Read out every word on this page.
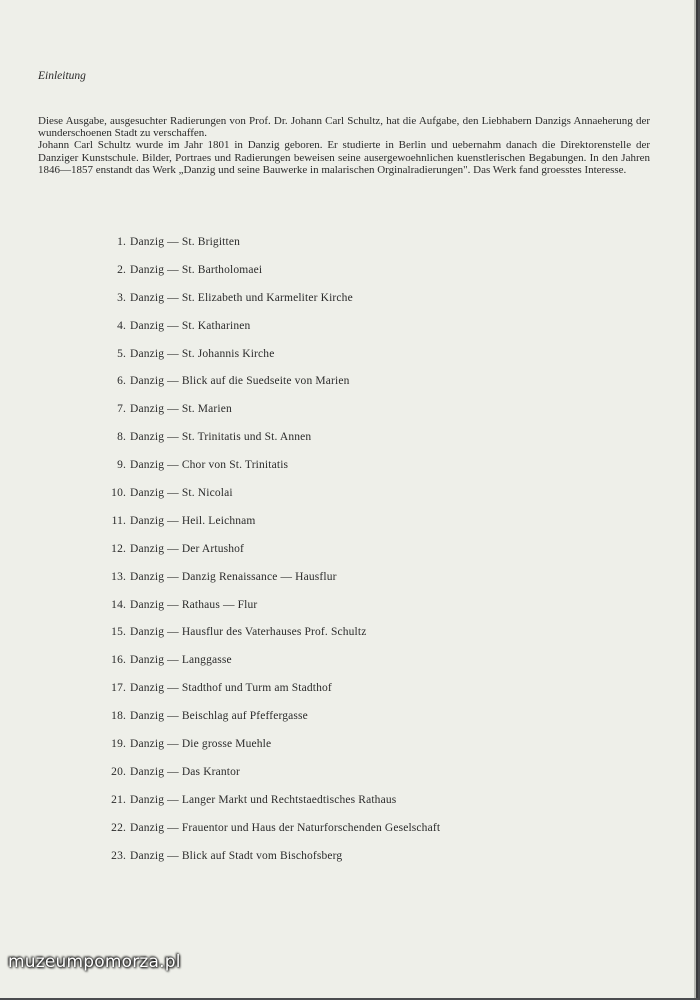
Einleitung

Diese Ausgabe, ausgesuchter Radierungen von Prof. Dr. Johann Carl Schultz, hat die Aufgabe, den Liebhabern Danzigs Annaeherung der wunderschoenen Stadt zu verschaffen.

Johann Carl Schultz wurde im Jahr 1801 in Danzig geboren. Er studierte in Berlin und uebernahm danach die Direktorenstelle der Danziger Kunstschule. Bilder, Portraes und Radierungen beweisen seine ausergewoehnlichen kuenstlerischen Begabungen. In den Jahren 1846—1857 enstandt das Werk „Danzig und seine Bauwerke in malarischen Orginalradierungen". Das Werk fand groesstes Interesse.

1. Danzig — St. Brigitten
2. Danzig — St. Bartholomaei
3. Danzig — St. Elizabeth und Karmeliter Kirche
4. Danzig — St. Katharinen
5. Danzig — St. Johannis Kirche
6. Danzig — Blick auf die Suedseite von Marien
7. Danzig — St. Marien
8. Danzig — St. Trinitatis und St. Annen
9. Danzig — Chor von St. Trinitatis
10. Danzig — St. Nicolai
11. Danzig — Heil. Leichnam
12. Danzig — Der Artushof
13. Danzig — Danzig Renaissance — Hausflur
14. Danzig — Rathaus — Flur
15. Danzig — Hausflur des Vaterhauses Prof. Schultz
16. Danzig — Langgasse
17. Danzig — Stadthof und Turm am Stadthof
18. Danzig — Beischlag auf Pfeffergasse
19. Danzig — Die grosse Muehle
20. Danzig — Das Krantor
21. Danzig — Langer Markt und Rechtstaedtisches Rathaus
22. Danzig — Frauentor und Haus der Naturforschenden Geselschaft
23. Danzig — Blick auf Stadt vom Bischofsberg
muzeumpomorza.pl
